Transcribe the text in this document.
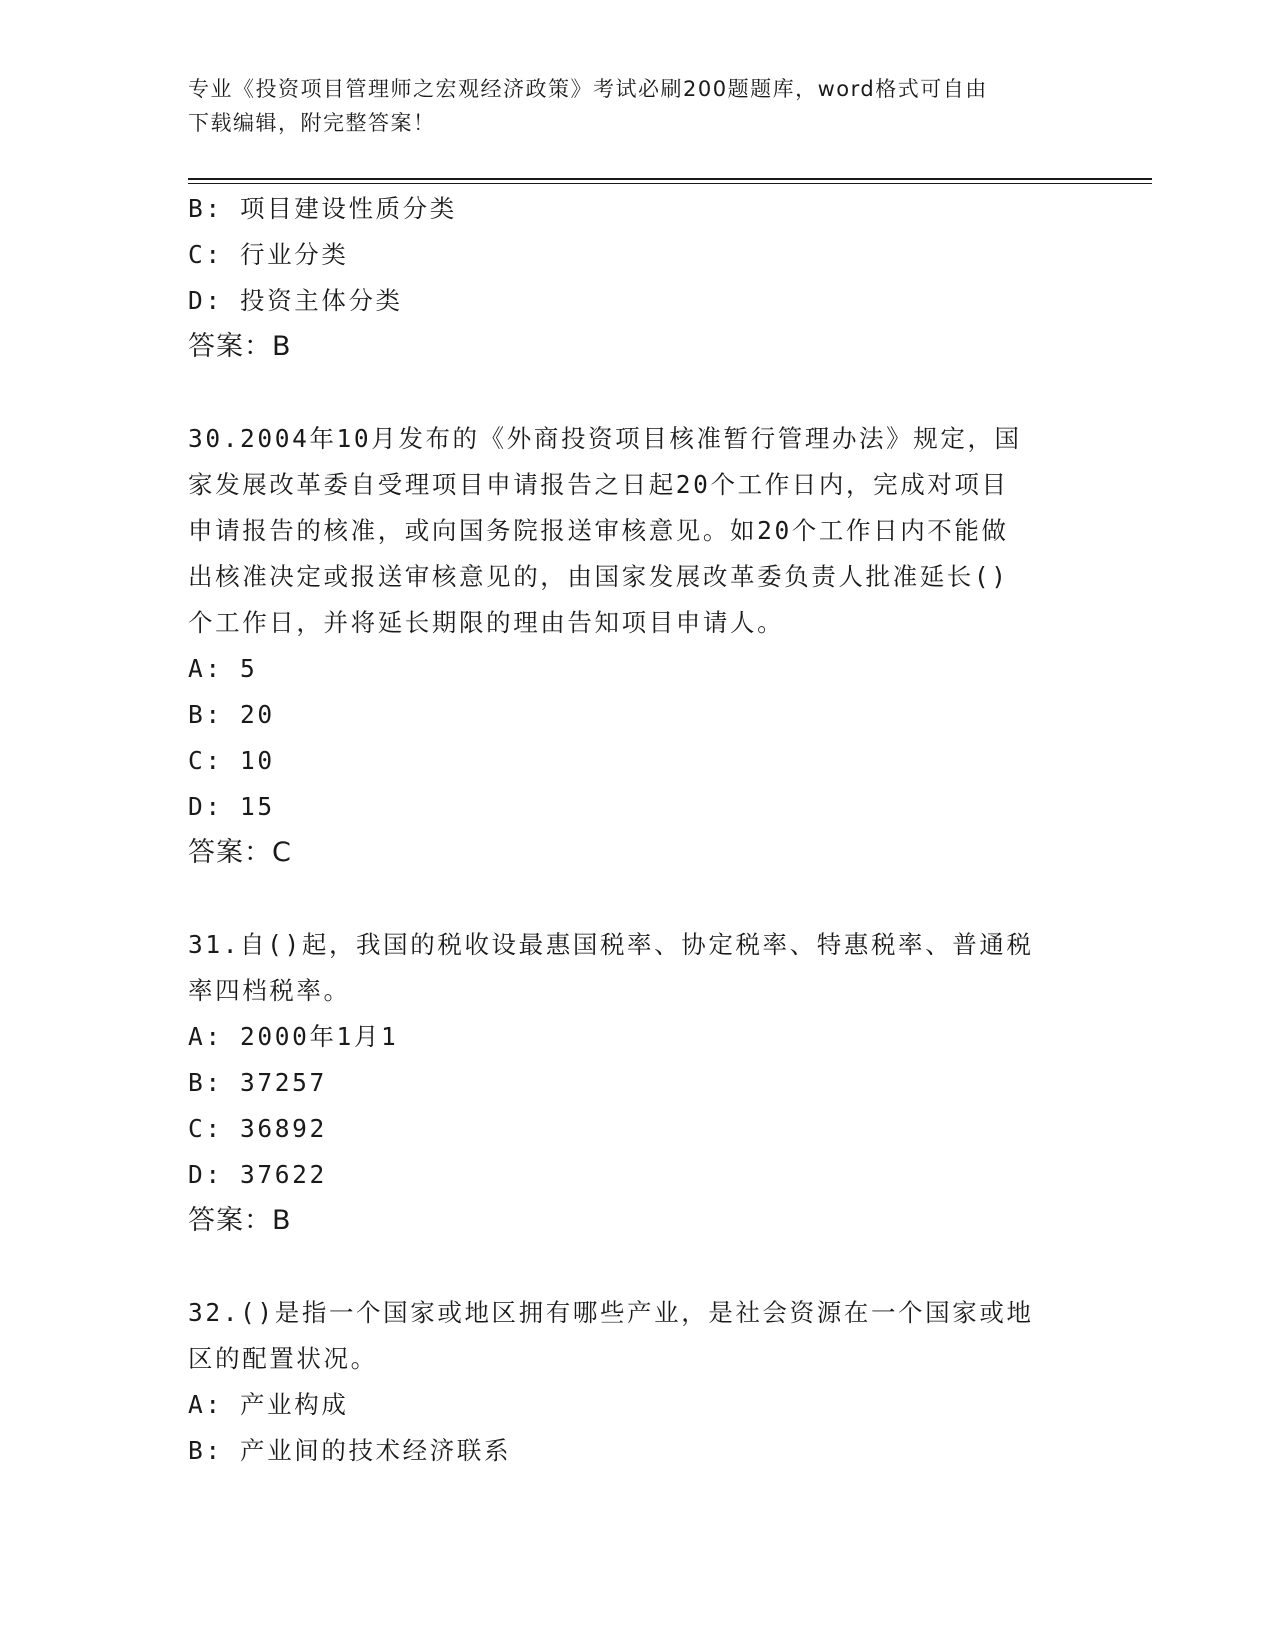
专业《投资项目管理师之宏观经济政策》考试必刷200题题库，word格式可自由
下载编辑，附完整答案！

B: 项目建设性质分类

C: 行业分类

D: 投资主体分类

答案：B

30.2004年10月发布的《外商投资项目核准暂行管理办法》规定，国

家发展改革委自受理项目申请报告之日起20个工作日内，完成对项目

申请报告的核准，或向国务院报送审核意见。如20个工作日内不能做

出核准决定或报送审核意见的，由国家发展改革委负责人批准延长()

个工作日，并将延长期限的理由告知项目申请人。

A: 5

B: 20

C: 10

D: 15

答案：C

31.自()起，我国的税收设最惠国税率、协定税率、特惠税率、普通税

率四档税率。

A: 2000年1月1

B: 37257

C: 36892

D: 37622

答案：B

32.()是指一个国家或地区拥有哪些产业，是社会资源在一个国家或地

区的配置状况。

A: 产业构成

B: 产业间的技术经济联系
